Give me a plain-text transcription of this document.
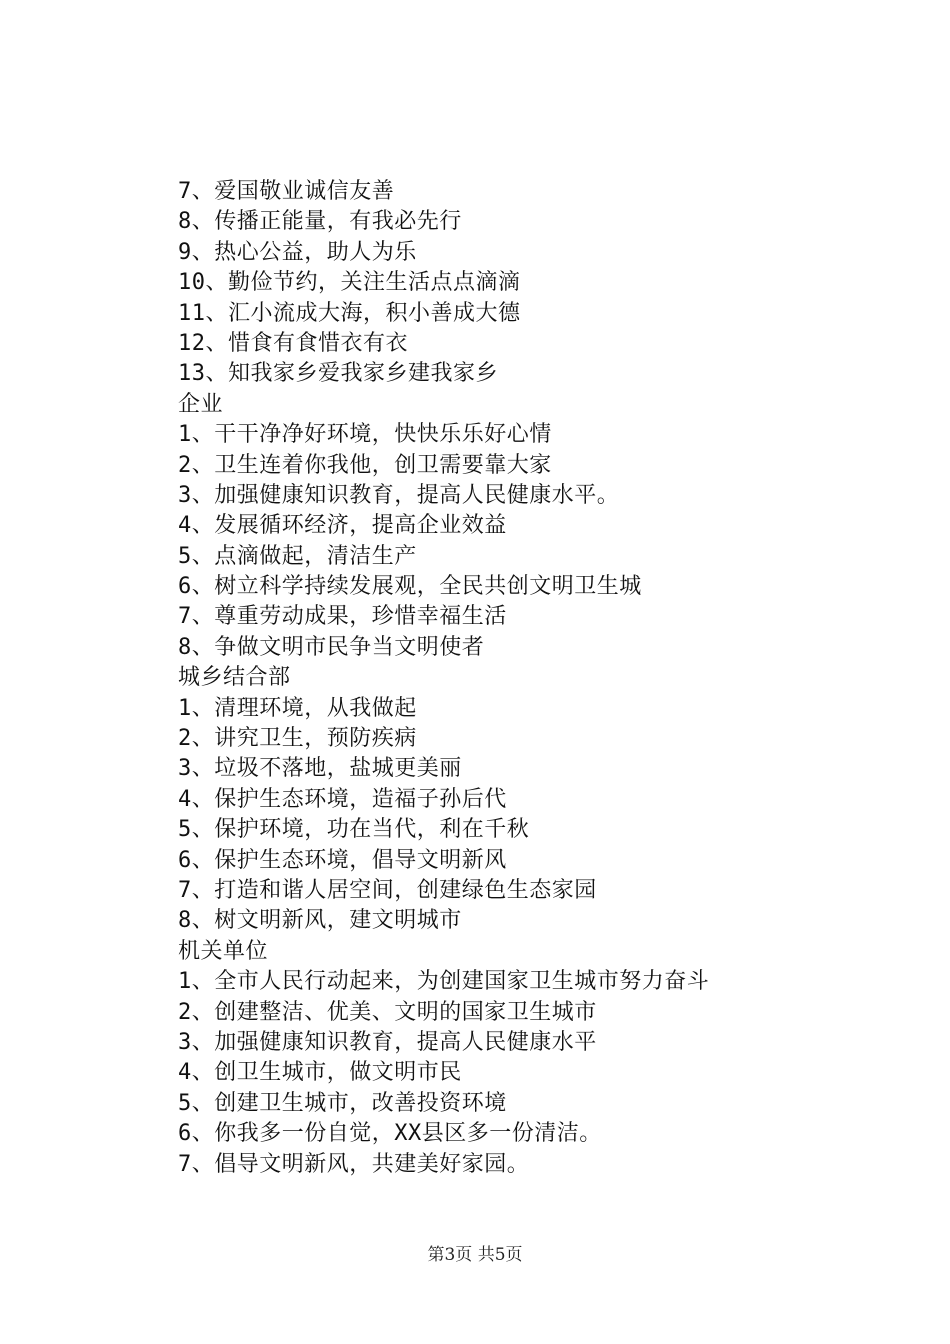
7、爱国敬业诚信友善
8、传播正能量，有我必先行
9、热心公益，助人为乐
10、勤俭节约，关注生活点点滴滴
11、汇小流成大海，积小善成大德
12、惜食有食惜衣有衣
13、知我家乡爱我家乡建我家乡
企业
1、干干净净好环境，快快乐乐好心情
2、卫生连着你我他，创卫需要靠大家
3、加强健康知识教育，提高人民健康水平。
4、发展循环经济，提高企业效益
5、点滴做起，清洁生产
6、树立科学持续发展观，全民共创文明卫生城
7、尊重劳动成果，珍惜幸福生活
8、争做文明市民争当文明使者
城乡结合部
1、清理环境，从我做起
2、讲究卫生，预防疾病
3、垃圾不落地，盐城更美丽
4、保护生态环境，造福子孙后代
5、保护环境，功在当代，利在千秋
6、保护生态环境，倡导文明新风
7、打造和谐人居空间，创建绿色生态家园
8、树文明新风，建文明城市
机关单位
1、全市人民行动起来，为创建国家卫生城市努力奋斗
2、创建整洁、优美、文明的国家卫生城市
3、加强健康知识教育，提高人民健康水平
4、创卫生城市，做文明市民
5、创建卫生城市，改善投资环境
6、你我多一份自觉，XX县区多一份清洁。
7、倡导文明新风，共建美好家园。
第3页 共5页
